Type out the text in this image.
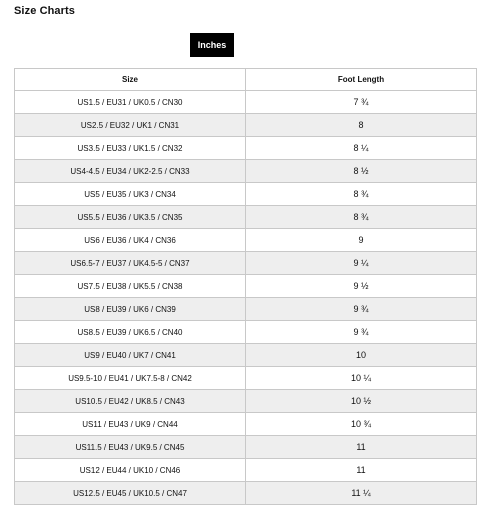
Size Charts
Inches
Size	Foot Length
US1.5 / EU31 / UK0.5 / CN30	7 ¾
US2.5 / EU32 / UK1 / CN31	8
US3.5 / EU33 / UK1.5 / CN32	8 ¼
US4-4.5 / EU34 / UK2-2.5 / CN33	8 ½
US5 / EU35 / UK3 / CN34	8 ¾
US5.5 / EU36 / UK3.5 / CN35	8 ¾
US6 / EU36 / UK4 / CN36	9
US6.5-7 / EU37 / UK4.5-5 / CN37	9 ¼
US7.5 / EU38 / UK5.5 / CN38	9 ½
US8 / EU39 / UK6 / CN39	9 ¾
US8.5 / EU39 / UK6.5 / CN40	9 ¾
US9 / EU40 / UK7 / CN41	10
US9.5-10 / EU41 / UK7.5-8 / CN42	10 ¼
US10.5 / EU42 / UK8.5 / CN43	10 ½
US11 / EU43 / UK9 / CN44	10 ¾
US11.5 / EU43 / UK9.5 / CN45	11
US12 / EU44 / UK10 / CN46	11
US12.5 / EU45 / UK10.5 / CN47	11 ¼
